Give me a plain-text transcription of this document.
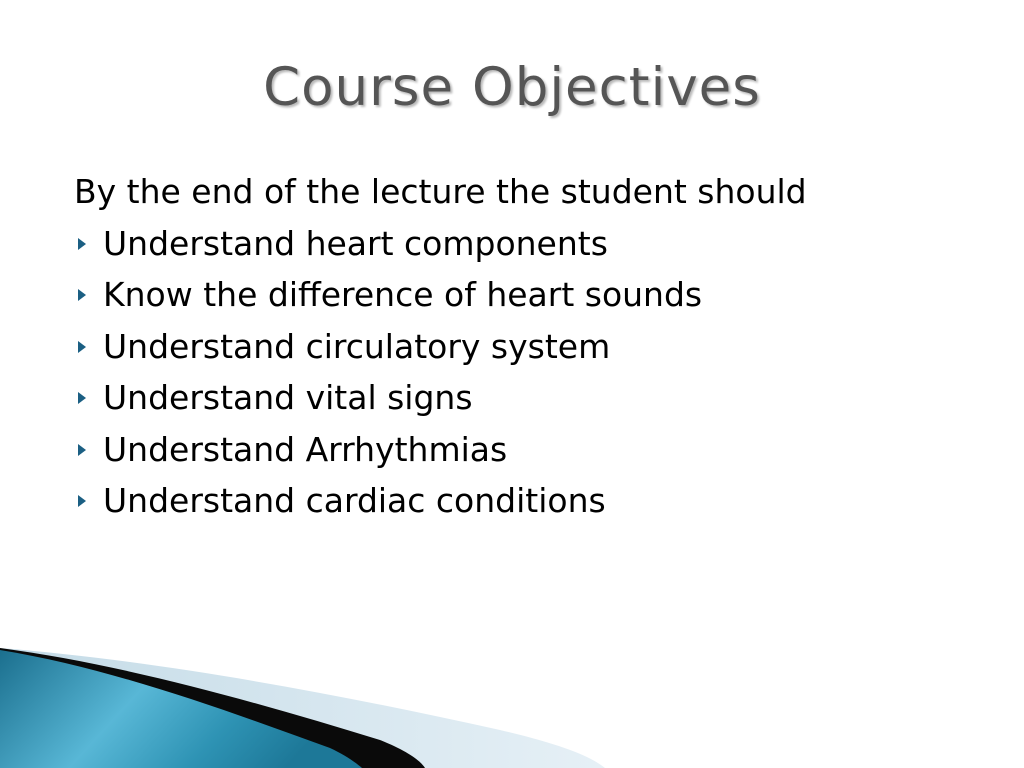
Course Objectives

By the end of the lecture the student should

Understand heart components
Know the difference of heart sounds
Understand circulatory system
Understand vital signs
Understand Arrhythmias
Understand cardiac conditions
